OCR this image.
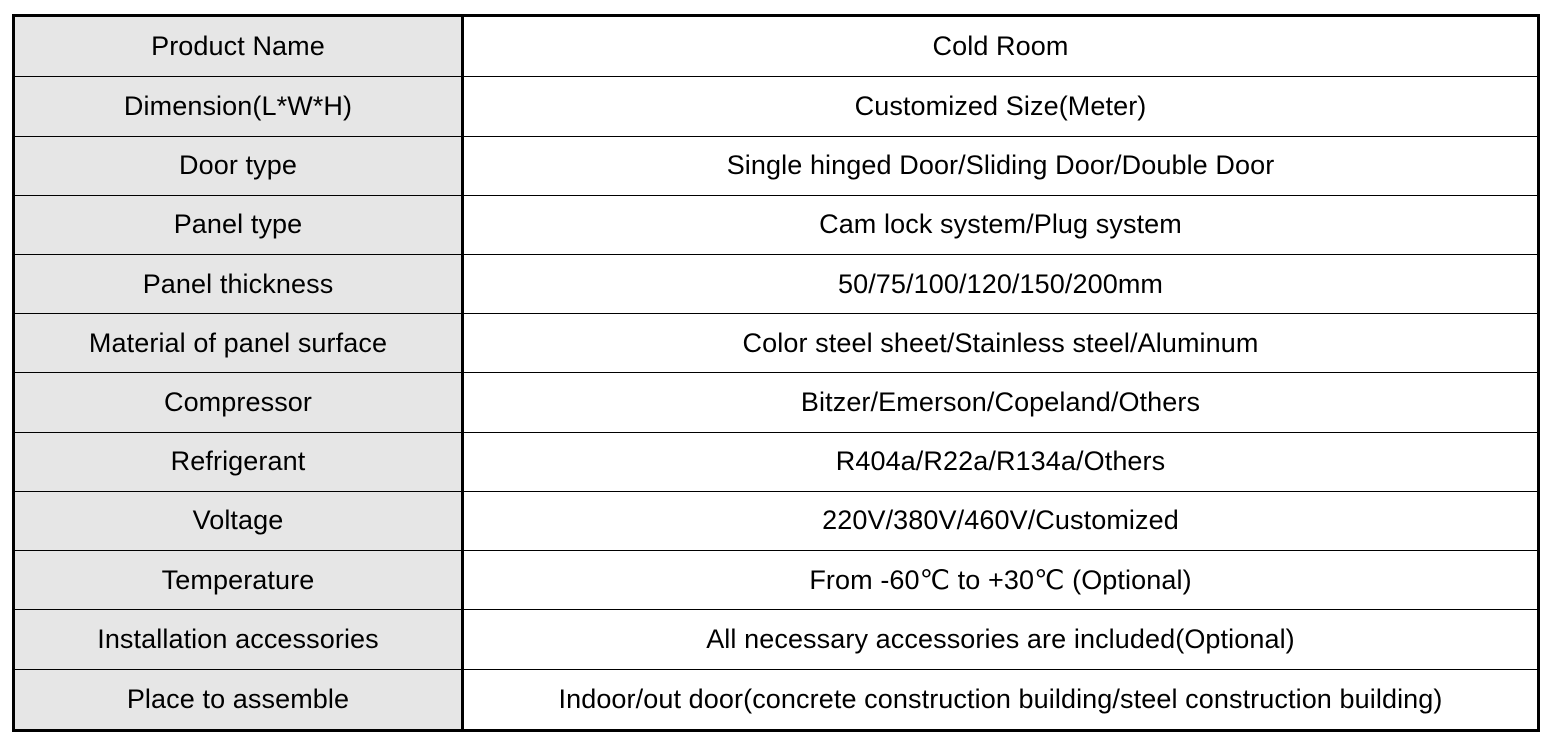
Product Name	Cold Room
Dimension(L*W*H)	Customized Size(Meter)
Door type	Single hinged Door/Sliding Door/Double Door
Panel type	Cam lock system/Plug system
Panel thickness	50/75/100/120/150/200mm
Material of panel surface	Color steel sheet/Stainless steel/Aluminum
Compressor	Bitzer/Emerson/Copeland/Others
Refrigerant	R404a/R22a/R134a/Others
Voltage	220V/380V/460V/Customized
Temperature	From -60℃ to +30℃ (Optional)
Installation accessories	All necessary accessories are included(Optional)
Place to assemble	Indoor/out door(concrete construction building/steel construction building)
